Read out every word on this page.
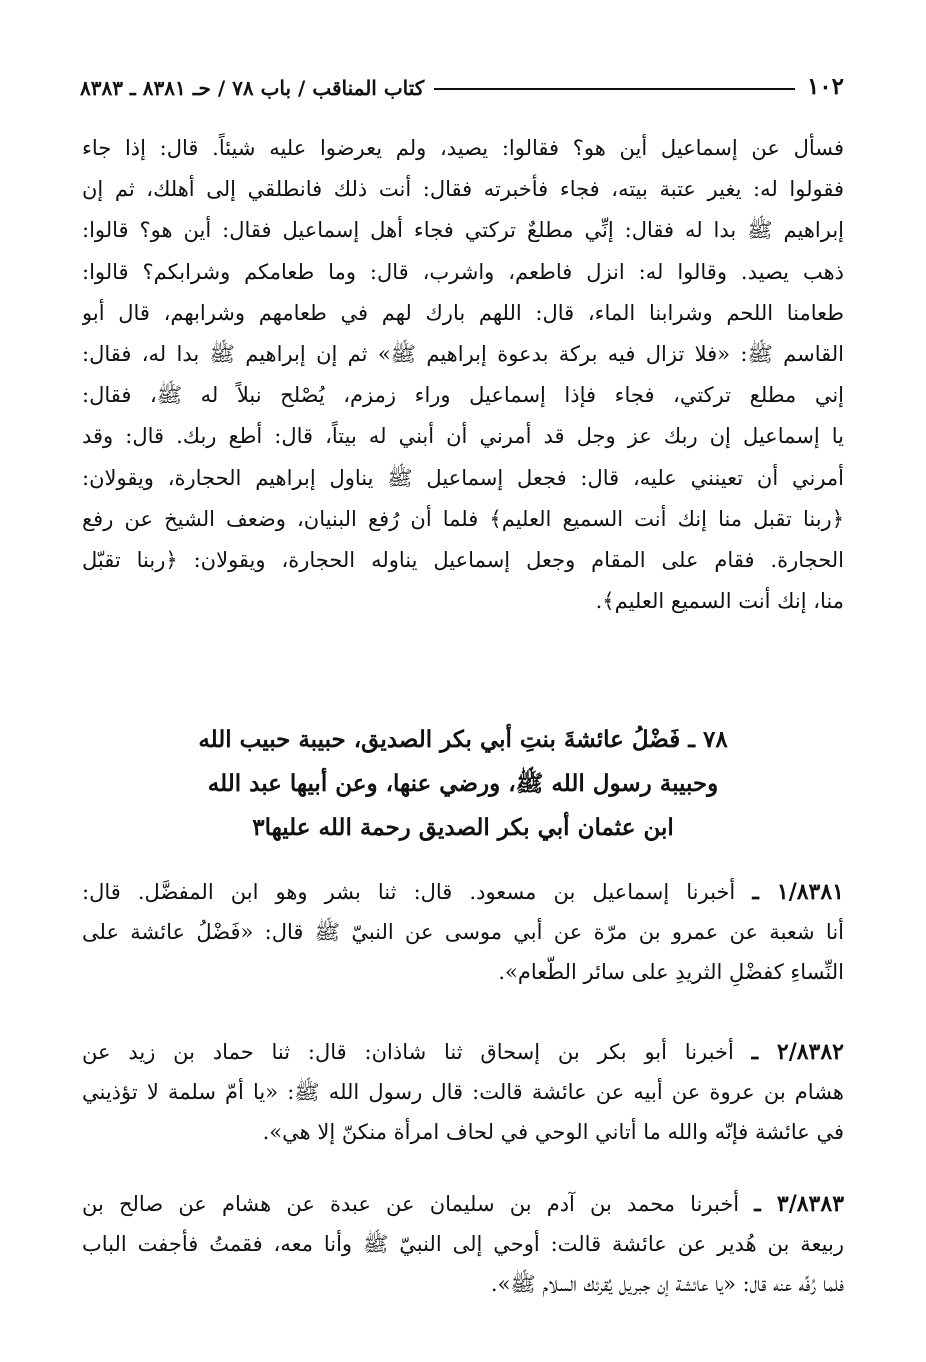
١٠٢
كتاب المناقب / باب ٧٨ / حـ ٨٣٨١ ـ ٨٣٨٣
فسأل عن إسماعيل أين هو؟ فقالوا: يصيد، ولم يعرضوا عليه شيئاً. قال: إذا جاء
فقولوا له: يغير عتبة بيته، فجاء فأخبرته فقال: أنت ذلك فانطلقي إلى أهلك، ثم إن
إبراهيم ﷺ بدا له فقال: إنِّي مطلعٌ تركتي فجاء أهل إسماعيل فقال: أين هو؟ قالوا:
ذهب يصيد. وقالوا له: انزل فاطعم، واشرب، قال: وما طعامكم وشرابكم؟ قالوا:
طعامنا اللحم وشرابنا الماء، قال: اللهم بارك لهم في طعامهم وشرابهم، قال أبو
القاسم ﷺ: «فلا تزال فيه بركة بدعوة إبراهيم ﷺ» ثم إن إبراهيم ﷺ بدا له، فقال:
إني مطلع تركتي، فجاء فإذا إسماعيل وراء زمزم، يُصْلح نبلاً له ﷺ، فقال:
يا إسماعيل إن ربك عز وجل قد أمرني أن أبني له بيتاً، قال: أطع ربك. قال: وقد
أمرني أن تعينني عليه، قال: فجعل إسماعيل ﷺ يناول إبراهيم الحجارة، ويقولان:
﴿ربنا تقبل منا إنك أنت السميع العليم﴾ فلما أن رُفع البنيان، وضعف الشيخ عن رفع
الحجارة. فقام على المقام وجعل إسماعيل يناوله الحجارة، ويقولان: ﴿ربنا تقبّل
منا، إنك أنت السميع العليم﴾.
٧٨ ـ فَضْلُ عائشةَ بنتِ أبي بكر الصديق، حبيبة حبيب الله
وحبيبة رسول الله ﷺ، ورضي عنها، وعن أبيها عبد الله
ابن عثمان أبي بكر الصديق رحمة الله عليها٣
١/٨٣٨١ ـ أخبرنا إسماعيل بن مسعود. قال: ثنا بشر وهو ابن المفضَّل. قال:
أنا شعبة عن عمرو بن مرّة عن أبي موسى عن النبيّ ﷺ قال: «فَضْلُ عائشة على
النِّساءِ كفضْلِ الثريدِ على سائر الطّعام».
٢/٨٣٨٢ ـ أخبرنا أبو بكر بن إسحاق ثنا شاذان: قال: ثنا حماد بن زيد عن
هشام بن عروة عن أبيه عن عائشة قالت: قال رسول الله ﷺ: «يا أمّ سلمة لا تؤذيني
في عائشة فإنّه والله ما أتاني الوحي في لحاف امرأة منكنّ إلا هي».
٣/٨٣٨٣ ـ أخبرنا محمد بن آدم بن سليمان عن عبدة عن هشام عن صالح بن
ربيعة بن هُدير عن عائشة قالت: أوحي إلى النبيّ ﷺ وأنا معه، فقمتُ فأجفت الباب
فلما رُفِّه عنه قال: «يا عائشة إن جبريل يُقرئك السلام ﷺ».
